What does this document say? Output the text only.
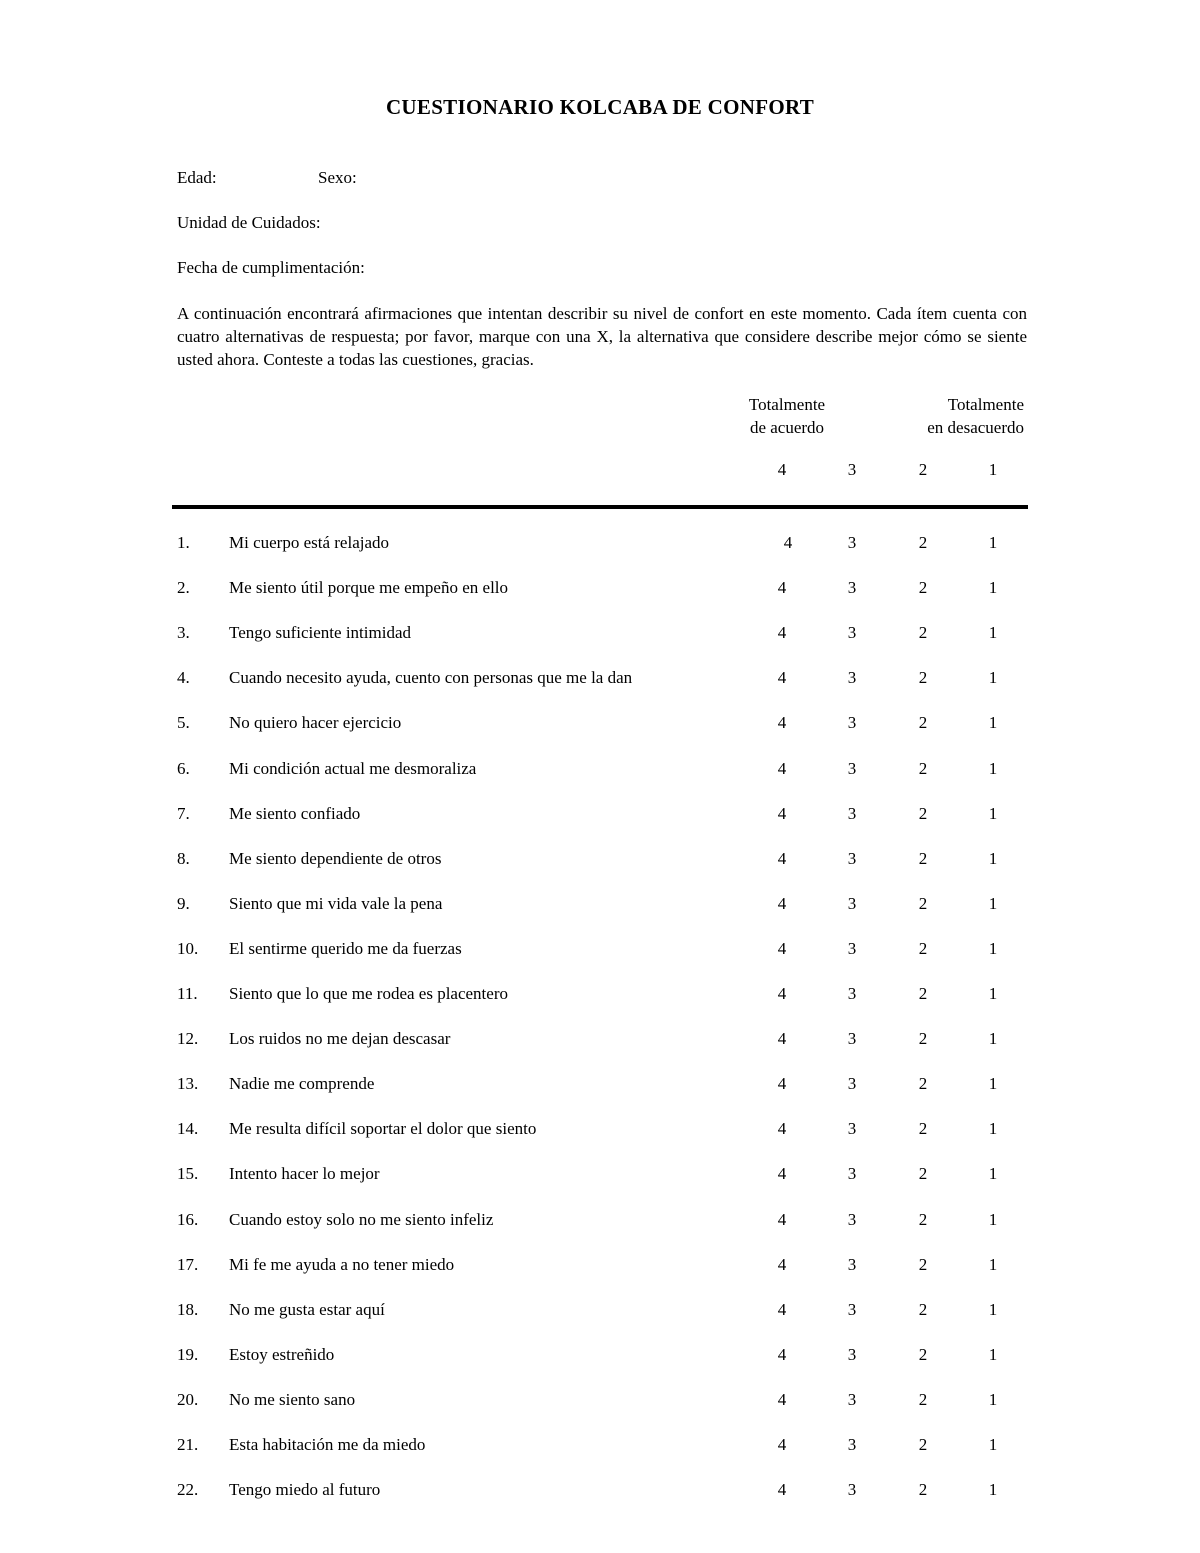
CUESTIONARIO KOLCABA DE CONFORT
Edad:	Sexo:
Unidad de Cuidados:
Fecha de cumplimentación:
A continuación encontrará afirmaciones que intentan describir su nivel de confort en este momento. Cada ítem cuenta con cuatro alternativas de respuesta; por favor, marque con una X, la alternativa que considere describe mejor cómo se siente usted ahora. Conteste a todas las cuestiones, gracias.
Totalmente
de acuerdo
Totalmente
en desacuerdo
4	3	2	1
1. Mi cuerpo está relajado	4	3	2	1
2. Me siento útil porque me empeño en ello	4	3	2	1
3. Tengo suficiente intimidad	4	3	2	1
4. Cuando necesito ayuda, cuento con personas que me la dan	4	3	2	1
5. No quiero hacer ejercicio	4	3	2	1
6. Mi condición actual me desmoraliza	4	3	2	1
7. Me siento confiado	4	3	2	1
8. Me siento dependiente de otros	4	3	2	1
9. Siento que mi vida vale la pena	4	3	2	1
10. El sentirme querido me da fuerzas	4	3	2	1
11. Siento que lo que me rodea es placentero	4	3	2	1
12. Los ruidos no me dejan descasar	4	3	2	1
13. Nadie me comprende	4	3	2	1
14. Me resulta difícil soportar el dolor que siento	4	3	2	1
15. Intento hacer lo mejor	4	3	2	1
16. Cuando estoy solo no me siento infeliz	4	3	2	1
17. Mi fe me ayuda a no tener miedo	4	3	2	1
18. No me gusta estar aquí	4	3	2	1
19. Estoy estreñido	4	3	2	1
20. No me siento sano	4	3	2	1
21. Esta habitación me da miedo	4	3	2	1
22. Tengo miedo al futuro	4	3	2	1
